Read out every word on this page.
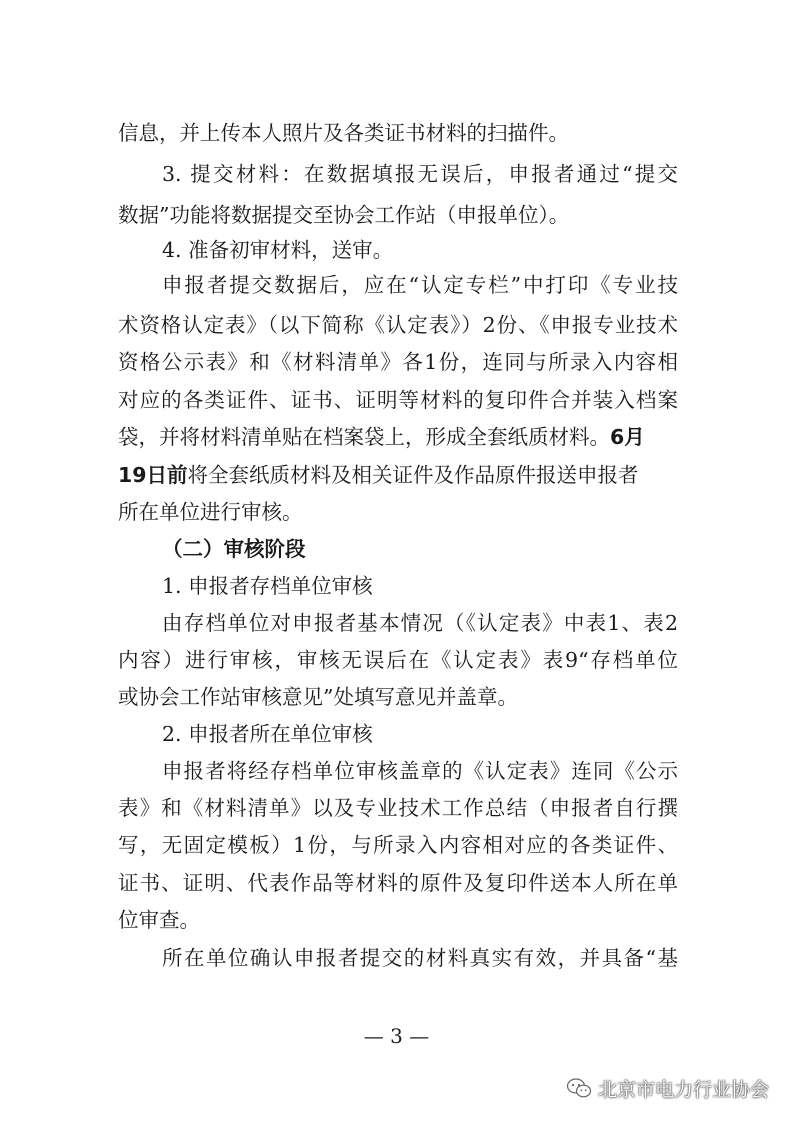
信息，并上传本人照片及各类证书材料的扫描件。
3. 提交材料：在数据填报无误后，申报者通过“提交
数据”功能将数据提交至协会工作站（申报单位）。
4. 准备初审材料，送审。
申报者提交数据后，应在“认定专栏”中打印《专业技
术资格认定表》（以下简称《认定表》）2份、《申报专业技术
资格公示表》和《材料清单》各1份，连同与所录入内容相
对应的各类证件、证书、证明等材料的复印件合并装入档案
袋，并将材料清单贴在档案袋上，形成全套纸质材料。6月
19日前将全套纸质材料及相关证件及作品原件报送申报者
所在单位进行审核。
（二）审核阶段
1. 申报者存档单位审核
由存档单位对申报者基本情况（《认定表》中表1、表2
内容）进行审核，审核无误后在《认定表》表9“存档单位
或协会工作站审核意见”处填写意见并盖章。
2. 申报者所在单位审核
申报者将经存档单位审核盖章的《认定表》连同《公示
表》和《材料清单》以及专业技术工作总结（申报者自行撰
写，无固定模板）1份，与所录入内容相对应的各类证件、
证书、证明、代表作品等材料的原件及复印件送本人所在单
位审查。
所在单位确认申报者提交的材料真实有效，并具备“基
— 3 —
北京市电力行业协会
